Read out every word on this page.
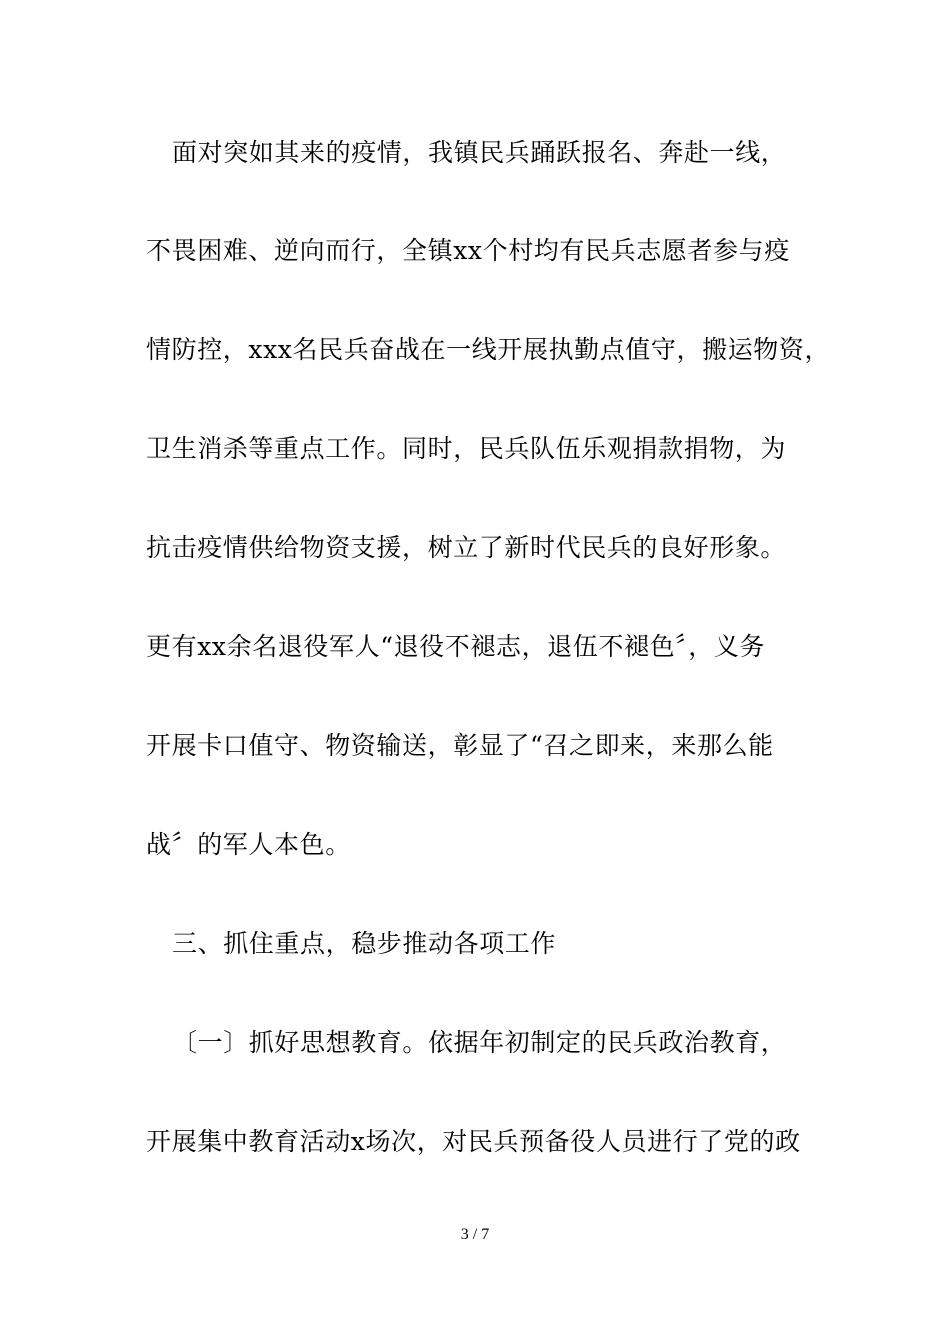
面对突如其来的疫情，我镇民兵踊跃报名、奔赴一线，

不畏困难、逆向而行，全镇xx个村均有民兵志愿者参与疫

情防控，xxx名民兵奋战在一线开展执勤点值守，搬运物资，

卫生消杀等重点工作。同时，民兵队伍乐观捐款捐物，为

抗击疫情供给物资支援，树立了新时代民兵的良好形象。

更有xx余名退役军人“退役不褪志，退伍不褪色〞，义务

开展卡口值守、物资输送，彰显了“召之即来，来那么能

战〞的军人本色。

三、抓住重点，稳步推动各项工作

〔一〕抓好思想教育。依据年初制定的民兵政治教育，

开展集中教育活动x场次，对民兵预备役人员进行了党的政

3 / 7
